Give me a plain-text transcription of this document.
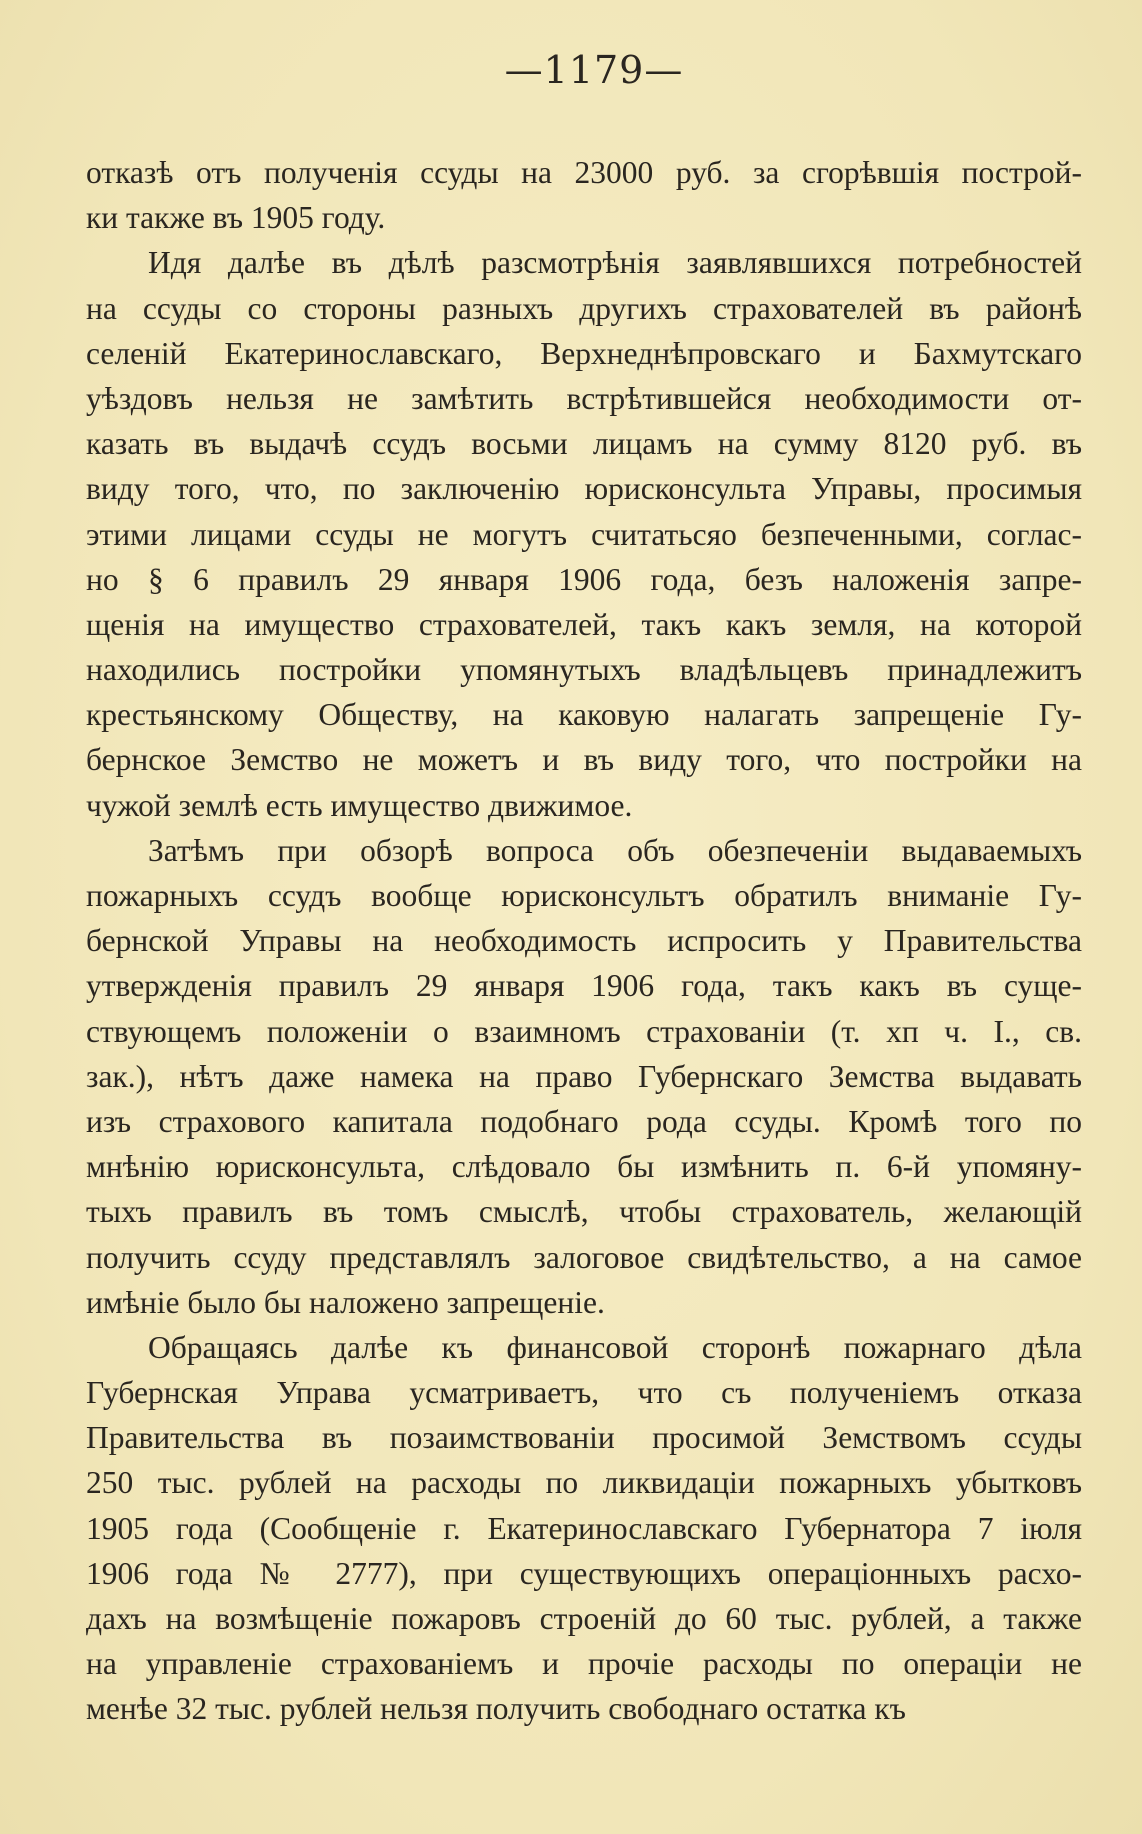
—1179—
отказѣ отъ полученія ссуды на 23000 руб. за сгорѣвшія построй-
ки также въ 1905 году.
Идя далѣе въ дѣлѣ разсмотрѣнія заявлявшихся потребностей
на ссуды со стороны разныхъ другихъ страхователей въ районѣ
селеній Екатеринославскаго, Верхнеднѣпровскаго и Бахмутскаго
уѣздовъ нельзя не замѣтить встрѣтившейся необходимости от-
казать въ выдачѣ ссудъ восьми лицамъ на сумму 8120 руб. въ
виду того, что, по заключенію юрисконсульта Управы, просимыя
этими лицами ссуды не могутъ считатьсяо безпеченными, соглас-
но § 6 правилъ 29 января 1906 года, безъ наложенія запре-
щенія на имущество страхователей, такъ какъ земля, на которой
находились постройки упомянутыхъ владѣльцевъ принадлежитъ
крестьянскому Обществу, на каковую налагать запрещеніе Гу-
бернское Земство не можетъ и въ виду того, что постройки на
чужой землѣ есть имущество движимое.
Затѣмъ при обзорѣ вопроса объ обезпеченіи выдаваемыхъ
пожарныхъ ссудъ вообще юрисконсультъ обратилъ вниманіе Гу-
бернской Управы на необходимость испросить у Правительства
утвержденія правилъ 29 января 1906 года, такъ какъ въ суще-
ствующемъ положеніи о взаимномъ страхованіи (т. хп ч. I., св.
зак.), нѣтъ даже намека на право Губернскаго Земства выдавать
изъ страхового капитала подобнаго рода ссуды. Кромѣ того по
мнѣнію юрисконсульта, слѣдовало бы измѣнить п. 6-й упомяну-
тыхъ правилъ въ томъ смыслѣ, чтобы страхователь, желающій
получить ссуду представлялъ залоговое свидѣтельство, а на самое
имѣніе было бы наложено запрещеніе.
Обращаясь далѣе къ финансовой сторонѣ пожарнаго дѣла
Губернская Управа усматриваетъ, что съ полученіемъ отказа
Правительства въ позаимствованіи просимой Земствомъ ссуды
250 тыс. рублей на расходы по ликвидаціи пожарныхъ убытковъ
1905 года (Сообщеніе г. Екатеринославскаго Губернатора 7 іюля
1906 года № 2777), при существующихъ операціонныхъ расхо-
дахъ на возмѣщеніе пожаровъ строеній до 60 тыс. рублей, а также
на управленіе страхованіемъ и прочіе расходы по операціи не
менѣе 32 тыс. рублей нельзя получить свободнаго остатка къ
